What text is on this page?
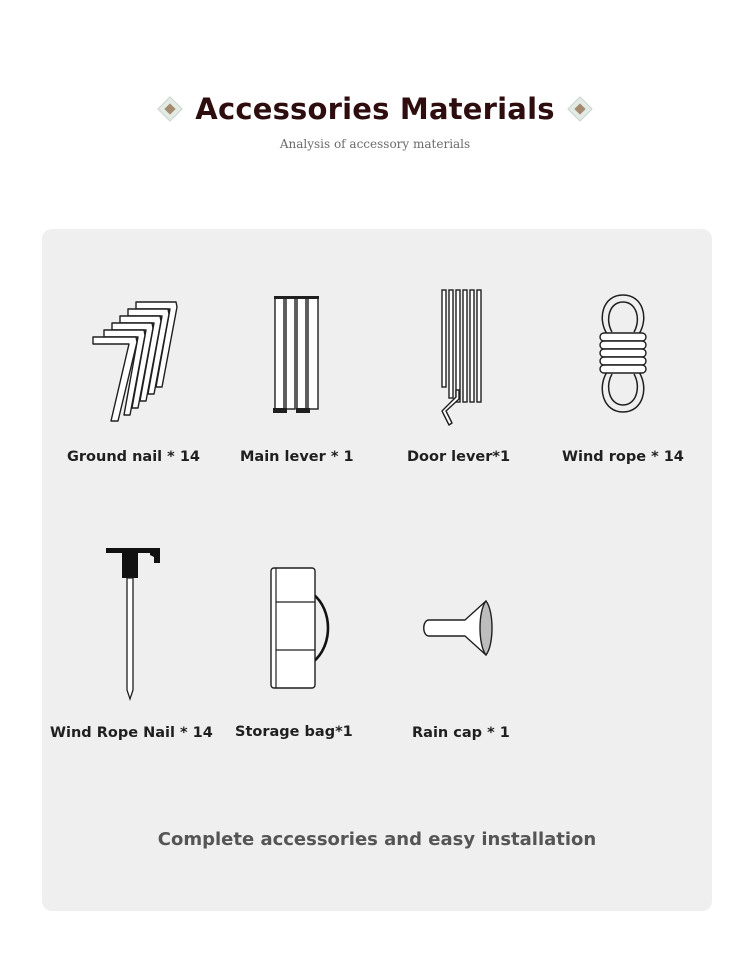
Accessories Materials
Analysis of accessory materials
Ground nail * 14	Main lever * 1	Door lever*1	Wind rope * 14
Wind Rope Nail * 14 Storage bag*1	Rain cap * 1
Complete accessories and easy installation
